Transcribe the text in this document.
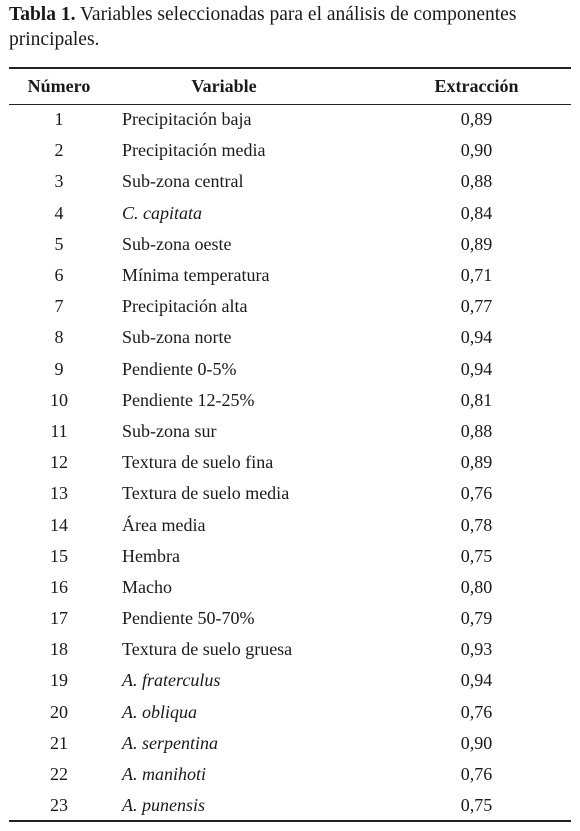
Tabla 1. Variables seleccionadas para el análisis de componentes principales.

Número	Variable	Extracción
1	Precipitación baja	0,89
2	Precipitación media	0,90
3	Sub-zona central	0,88
4	C. capitata	0,84
5	Sub-zona oeste	0,89
6	Mínima temperatura	0,71
7	Precipitación alta	0,77
8	Sub-zona norte	0,94
9	Pendiente 0-5%	0,94
10	Pendiente 12-25%	0,81
11	Sub-zona sur	0,88
12	Textura de suelo fina	0,89
13	Textura de suelo media	0,76
14	Área media	0,78
15	Hembra	0,75
16	Macho	0,80
17	Pendiente 50-70%	0,79
18	Textura de suelo gruesa	0,93
19	A. fraterculus	0,94
20	A. obliqua	0,76
21	A. serpentina	0,90
22	A. manihoti	0,76
23	A. punensis	0,75
